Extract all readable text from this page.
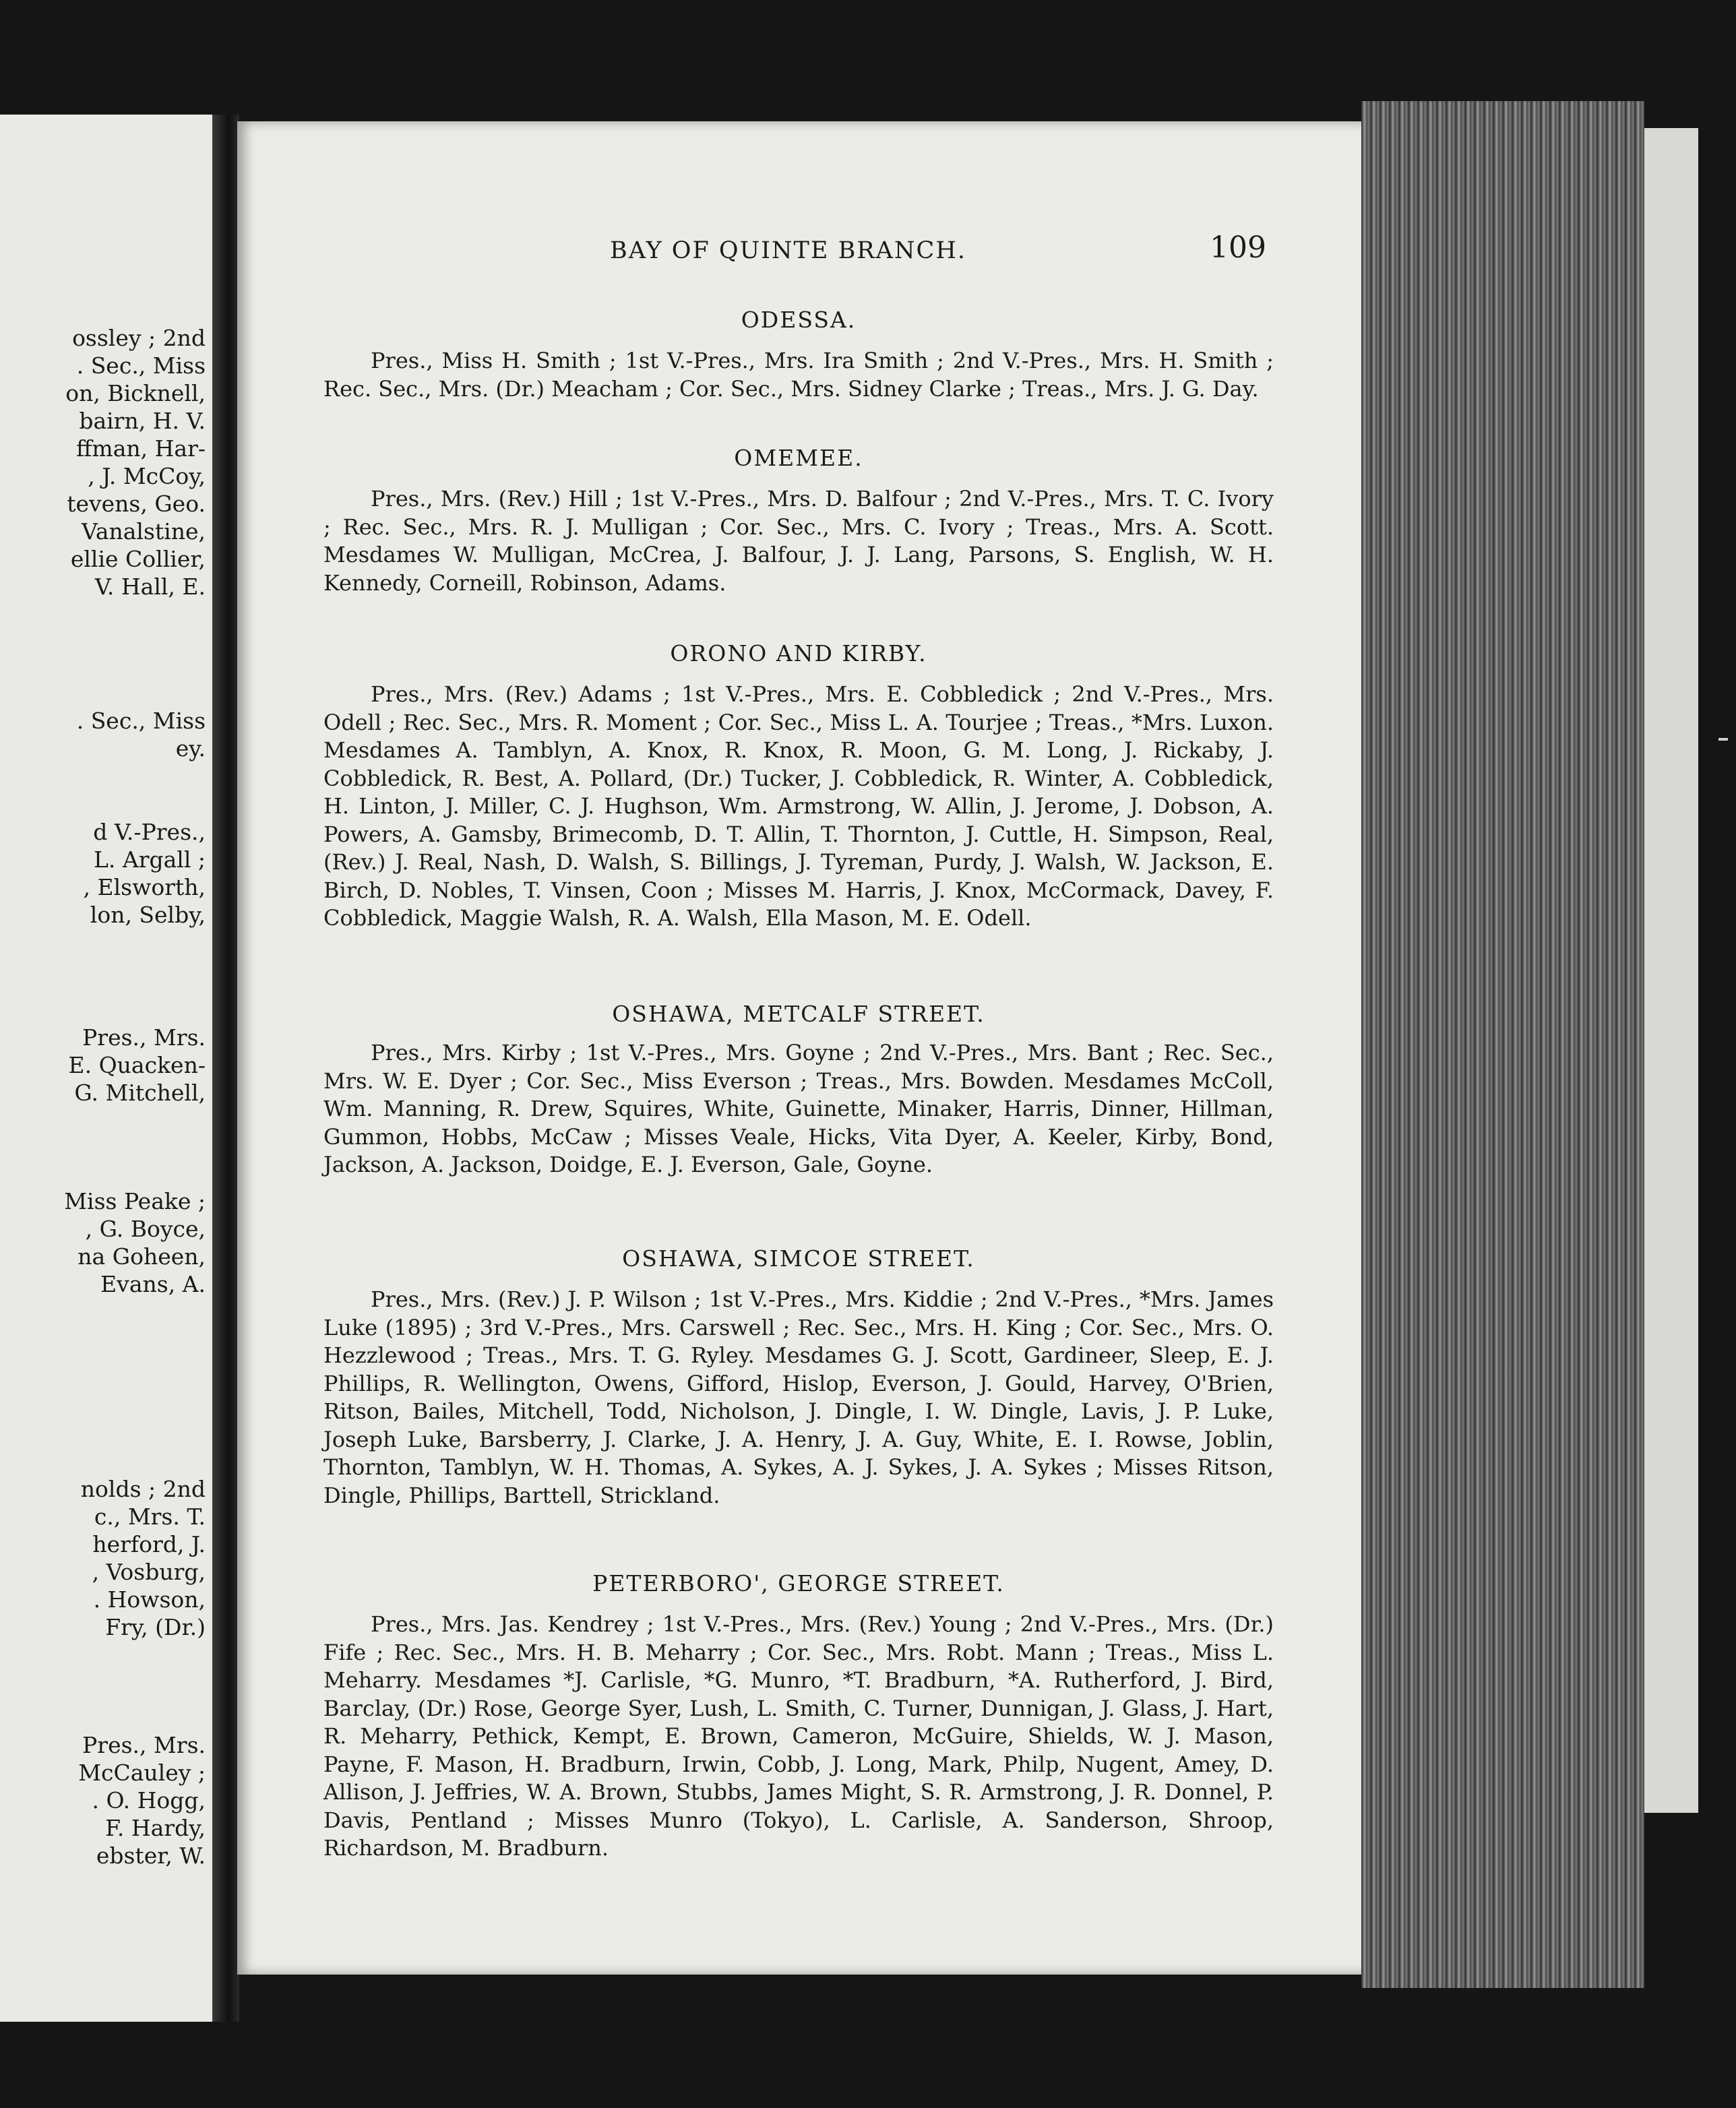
ossley ; 2nd
. Sec., Miss
on, Bicknell,
bairn, H. V.
ffman, Har-
, J. McCoy,
tevens, Geo.
Vanalstine,
ellie Collier,
V. Hall, E.
. Sec., Miss
ey.
d V.-Pres.,
L. Argall ;
, Elsworth,
lon, Selby,
Pres., Mrs.
E. Quacken-
G. Mitchell,
Miss Peake ;
, G. Boyce,
na Goheen,
Evans, A.
nolds ; 2nd
c., Mrs. T.
herford, J.
, Vosburg,
. Howson,
Fry, (Dr.)
Pres., Mrs.
McCauley ;
. O. Hogg,
F. Hardy,
ebster, W.
BAY OF QUINTE BRANCH.	109
ODESSA.

Pres., Miss H. Smith ; 1st V.-Pres., Mrs. Ira Smith ; 2nd V.-Pres., Mrs. H. Smith ; Rec. Sec., Mrs. (Dr.) Meacham ; Cor. Sec., Mrs. Sidney Clarke ; Treas., Mrs. J. G. Day.

OMEMEE.

Pres., Mrs. (Rev.) Hill ; 1st V.-Pres., Mrs. D. Balfour ; 2nd V.-Pres., Mrs. T. C. Ivory ; Rec. Sec., Mrs. R. J. Mulligan ; Cor. Sec., Mrs. C. Ivory ; Treas., Mrs. A. Scott. Mesdames W. Mulligan, McCrea, J. Balfour, J. J. Lang, Parsons, S. English, W. H. Kennedy, Corneill, Robinson, Adams.

ORONO AND KIRBY.

Pres., Mrs. (Rev.) Adams ; 1st V.-Pres., Mrs. E. Cobbledick ; 2nd V.-Pres., Mrs. Odell ; Rec. Sec., Mrs. R. Moment ; Cor. Sec., Miss L. A. Tourjee ; Treas., *Mrs. Luxon. Mesdames A. Tamblyn, A. Knox, R. Knox, R. Moon, G. M. Long, J. Rickaby, J. Cobbledick, R. Best, A. Pollard, (Dr.) Tucker, J. Cobbledick, R. Winter, A. Cobbledick, H. Linton, J. Miller, C. J. Hughson, Wm. Armstrong, W. Allin, J. Jerome, J. Dobson, A. Powers, A. Gamsby, Brimecomb, D. T. Allin, T. Thornton, J. Cuttle, H. Simpson, Real, (Rev.) J. Real, Nash, D. Walsh, S. Billings, J. Tyreman, Purdy, J. Walsh, W. Jackson, E. Birch, D. Nobles, T. Vinsen, Coon ; Misses M. Harris, J. Knox, McCormack, Davey, F. Cobbledick, Maggie Walsh, R. A. Walsh, Ella Mason, M. E. Odell.

OSHAWA, METCALF STREET.

Pres., Mrs. Kirby ; 1st V.-Pres., Mrs. Goyne ; 2nd V.-Pres., Mrs. Bant ; Rec. Sec., Mrs. W. E. Dyer ; Cor. Sec., Miss Everson ; Treas., Mrs. Bowden. Mesdames McColl, Wm. Manning, R. Drew, Squires, White, Guinette, Minaker, Harris, Dinner, Hillman, Gummon, Hobbs, McCaw ; Misses Veale, Hicks, Vita Dyer, A. Keeler, Kirby, Bond, Jackson, A. Jackson, Doidge, E. J. Everson, Gale, Goyne.

OSHAWA, SIMCOE STREET.

Pres., Mrs. (Rev.) J. P. Wilson ; 1st V.-Pres., Mrs. Kiddie ; 2nd V.-Pres., *Mrs. James Luke (1895) ; 3rd V.-Pres., Mrs. Carswell ; Rec. Sec., Mrs. H. King ; Cor. Sec., Mrs. O. Hezzlewood ; Treas., Mrs. T. G. Ryley. Mesdames G. J. Scott, Gardineer, Sleep, E. J. Phillips, R. Wellington, Owens, Gifford, Hislop, Everson, J. Gould, Harvey, O'Brien, Ritson, Bailes, Mitchell, Todd, Nicholson, J. Dingle, I. W. Dingle, Lavis, J. P. Luke, Joseph Luke, Barsberry, J. Clarke, J. A. Henry, J. A. Guy, White, E. I. Rowse, Joblin, Thornton, Tamblyn, W. H. Thomas, A. Sykes, A. J. Sykes, J. A. Sykes ; Misses Ritson, Dingle, Phillips, Barttell, Strickland.

PETERBORO', GEORGE STREET.

Pres., Mrs. Jas. Kendrey ; 1st V.-Pres., Mrs. (Rev.) Young ; 2nd V.-Pres., Mrs. (Dr.) Fife ; Rec. Sec., Mrs. H. B. Meharry ; Cor. Sec., Mrs. Robt. Mann ; Treas., Miss L. Meharry. Mesdames *J. Carlisle, *G. Munro, *T. Bradburn, *A. Rutherford, J. Bird, Barclay, (Dr.) Rose, George Syer, Lush, L. Smith, C. Turner, Dunnigan, J. Glass, J. Hart, R. Meharry, Pethick, Kempt, E. Brown, Cameron, McGuire, Shields, W. J. Mason, Payne, F. Mason, H. Bradburn, Irwin, Cobb, J. Long, Mark, Philp, Nugent, Amey, D. Allison, J. Jeffries, W. A. Brown, Stubbs, James Might, S. R. Armstrong, J. R. Donnel, P. Davis, Pentland ; Misses Munro (Tokyo), L. Carlisle, A. Sanderson, Shroop, Richardson, M. Bradburn.
